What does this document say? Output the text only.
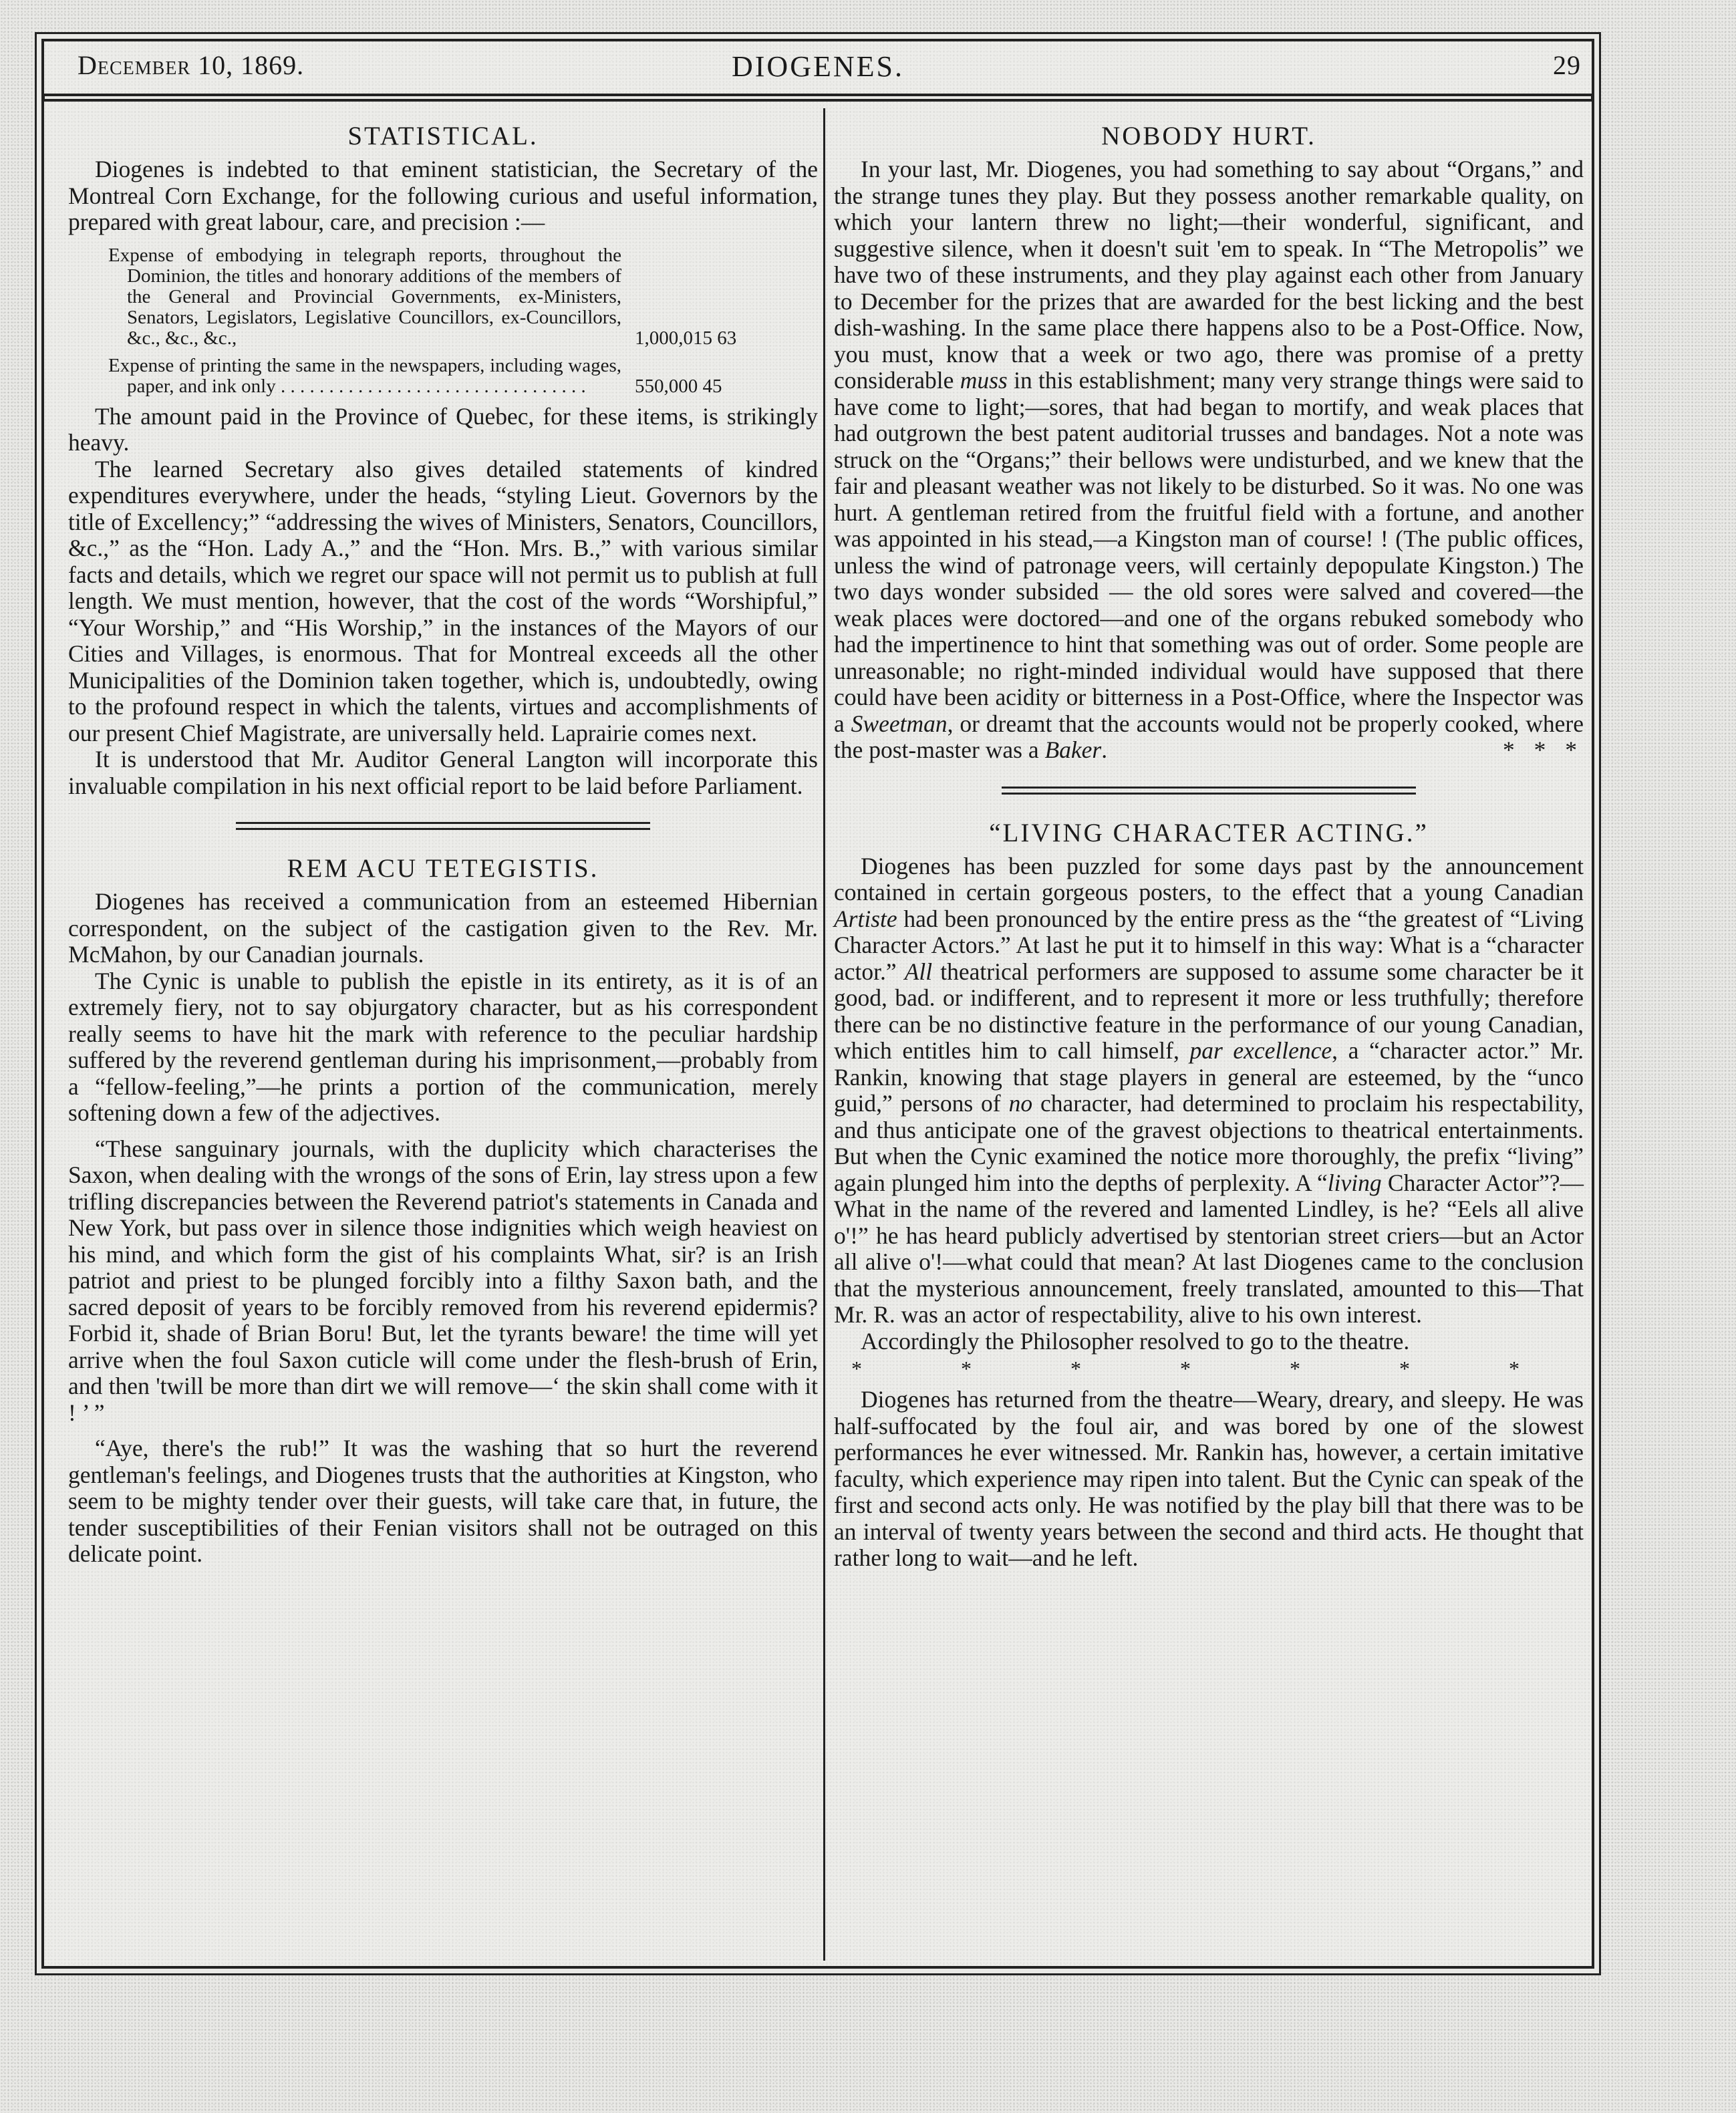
December 10, 1869.	DIOGENES.	29
STATISTICAL.

Diogenes is indebted to that eminent statistician, the Secretary of the Montreal Corn Exchange, for the following curious and useful information, prepared with great labour, care, and precision :—

Expense of embodying in telegraph reports, throughout the Dominion, the titles and honorary additions of the members of the General and Provincial Governments, ex-Ministers, Senators, Legislators, Legislative Councillors, ex-Councillors, &c., &c., &c.,	1,000,015 63
Expense of printing the same in the newspapers, including wages, paper, and ink only . . . . . . . . . . . . . . . . . . . . . . . . . . . . . . . .	550,000 45

The amount paid in the Province of Quebec, for these items, is strikingly heavy.

The learned Secretary also gives detailed statements of kindred expenditures everywhere, under the heads, “styling Lieut. Governors by the title of Excellency;” “addressing the wives of Ministers, Senators, Councillors, &c.,” as the “Hon. Lady A.,” and the “Hon. Mrs. B.,” with various similar facts and details, which we regret our space will not permit us to publish at full length. We must mention, however, that the cost of the words “Worshipful,” “Your Worship,” and “His Worship,” in the instances of the Mayors of our Cities and Villages, is enormous. That for Montreal exceeds all the other Municipalities of the Dominion taken together, which is, undoubtedly, owing to the profound respect in which the talents, virtues and accomplishments of our present Chief Magistrate, are universally held. Laprairie comes next.

It is understood that Mr. Auditor General Langton will incorporate this invaluable compilation in his next official report to be laid before Parliament.

REM ACU TETEGISTIS.

Diogenes has received a communication from an esteemed Hibernian correspondent, on the subject of the castigation given to the Rev. Mr. McMahon, by our Canadian journals.

The Cynic is unable to publish the epistle in its entirety, as it is of an extremely fiery, not to say objurgatory character, but as his correspondent really seems to have hit the mark with reference to the peculiar hardship suffered by the reverend gentleman during his imprisonment,—probably from a “fellow-feeling,”—he prints a portion of the communication, merely softening down a few of the adjectives.

“These sanguinary journals, with the duplicity which characterises the Saxon, when dealing with the wrongs of the sons of Erin, lay stress upon a few trifling discrepancies between the Reverend patriot's statements in Canada and New York, but pass over in silence those indignities which weigh heaviest on his mind, and which form the gist of his complaints What, sir? is an Irish patriot and priest to be plunged forcibly into a filthy Saxon bath, and the sacred deposit of years to be forcibly removed from his reverend epidermis? Forbid it, shade of Brian Boru! But, let the tyrants beware! the time will yet arrive when the foul Saxon cuticle will come under the flesh-brush of Erin, and then 'twill be more than dirt we will remove—‘ the skin shall come with it ! ’ ”

“Aye, there's the rub!” It was the washing that so hurt the reverend gentleman's feelings, and Diogenes trusts that the authorities at Kingston, who seem to be mighty tender over their guests, will take care that, in future, the tender susceptibilities of their Fenian visitors shall not be outraged on this delicate point.

NOBODY HURT.

In your last, Mr. Diogenes, you had something to say about “Organs,” and the strange tunes they play. But they possess another remarkable quality, on which your lantern threw no light;—their wonderful, significant, and suggestive silence, when it doesn't suit 'em to speak. In “The Metropolis” we have two of these instruments, and they play against each other from January to December for the prizes that are awarded for the best licking and the best dish-washing. In the same place there happens also to be a Post-Office. Now, you must, know that a week or two ago, there was promise of a pretty considerable muss in this establishment; many very strange things were said to have come to light;—sores, that had began to mortify, and weak places that had outgrown the best patent auditorial trusses and bandages. Not a note was struck on the “Organs;” their bellows were undisturbed, and we knew that the fair and pleasant weather was not likely to be disturbed. So it was. No one was hurt. A gentleman retired from the fruitful field with a fortune, and another was appointed in his stead,—a Kingston man of course! ! (The public offices, unless the wind of patronage veers, will certainly depopulate Kingston.) The two days wonder subsided — the old sores were salved and covered—the weak places were doctored—and one of the organs rebuked somebody who had the impertinence to hint that something was out of order. Some people are unreasonable; no right-minded individual would have supposed that there could have been acidity or bitterness in a Post-Office, where the Inspector was a Sweetman, or dreamt that the accounts would not be properly cooked, where the post-master was a Baker.	* * *

“LIVING CHARACTER ACTING.”

Diogenes has been puzzled for some days past by the announcement contained in certain gorgeous posters, to the effect that a young Canadian Artiste had been pronounced by the entire press as the “the greatest of “Living Character Actors.” At last he put it to himself in this way: What is a “character actor.” All theatrical performers are supposed to assume some character be it good, bad. or indifferent, and to represent it more or less truthfully; therefore there can be no distinctive feature in the performance of our young Canadian, which entitles him to call himself, par excellence, a “character actor.” Mr. Rankin, knowing that stage players in general are esteemed, by the “unco guid,” persons of no character, had determined to proclaim his respectability, and thus anticipate one of the gravest objections to theatrical entertainments. But when the Cynic examined the notice more thoroughly, the prefix “living” again plunged him into the depths of perplexity. A “living Character Actor”?—What in the name of the revered and lamented Lindley, is he? “Eels all alive o'!” he has heard publicly advertised by stentorian street criers—but an Actor all alive o'!—what could that mean? At last Diogenes came to the conclusion that the mysterious announcement, freely translated, amounted to this—That Mr. R. was an actor of respectability, alive to his own interest.

Accordingly the Philosopher resolved to go to the theatre.

* * * * * * *

Diogenes has returned from the theatre—Weary, dreary, and sleepy. He was half-suffocated by the foul air, and was bored by one of the slowest performances he ever witnessed. Mr. Rankin has, however, a certain imitative faculty, which experience may ripen into talent. But the Cynic can speak of the first and second acts only. He was notified by the play bill that there was to be an interval of twenty years between the second and third acts. He thought that rather long to wait—and he left.
